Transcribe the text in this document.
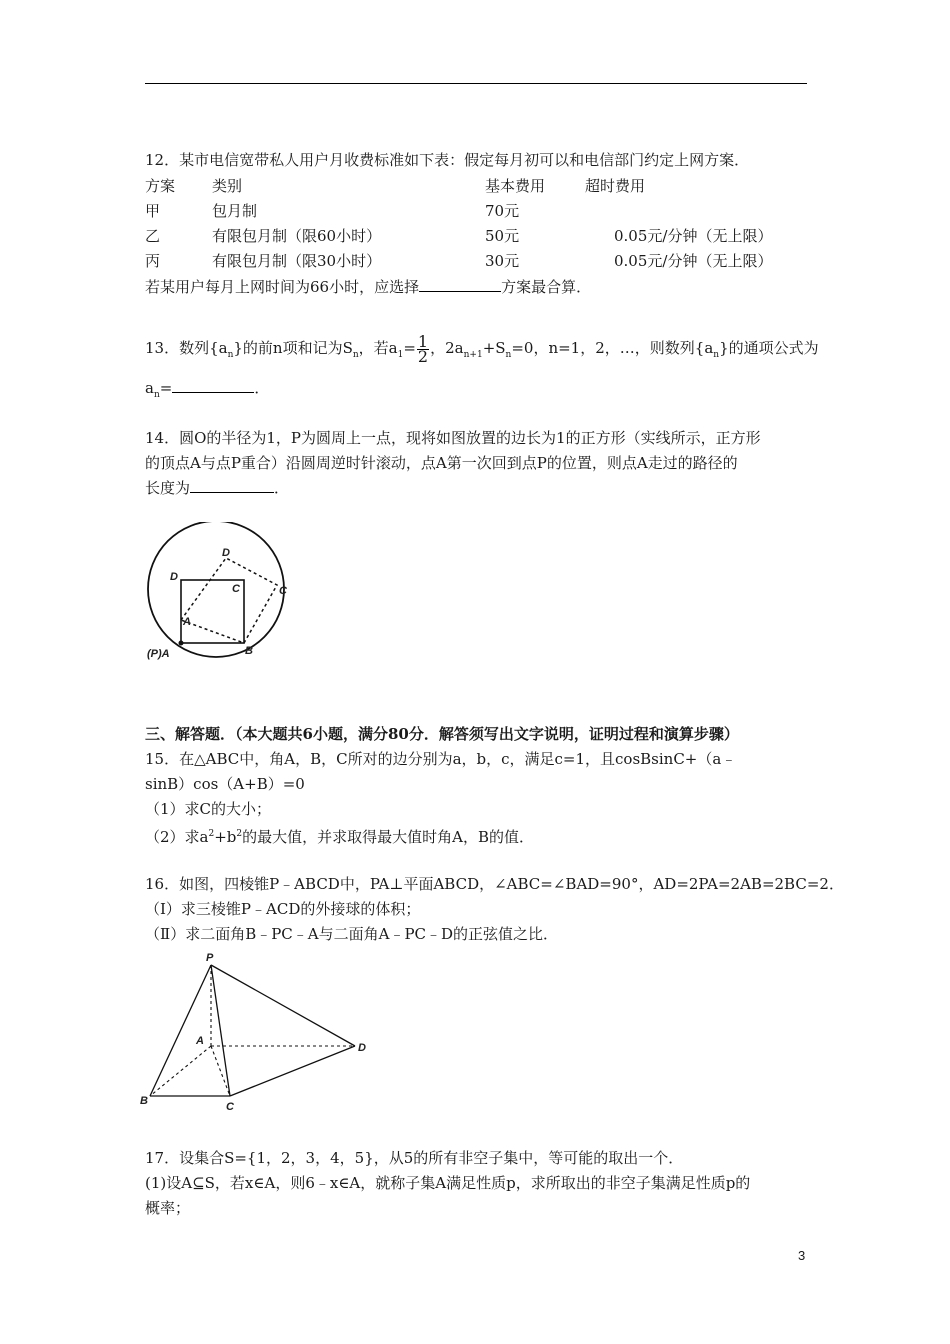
12．某市电信宽带私人用户月收费标准如下表：假定每月初可以和电信部门约定上网方案．
方案 类别	基本费用	超时费用
甲	包月制	70元
乙	有限包月制（限60小时）	50元	0.05元/分钟（无上限）
丙	有限包月制（限30小时）	30元	0.05元/分钟（无上限）
若某用户每月上网时间为66小时，应选择	方案最合算．
13．数列$\{a_n\}$的前n项和记为$S_n$，若$a_1= \frac{1}{2}$ ，$2a_{n+1}+S_n=0$，n=1，2，…，则数列$\{a_n\}$的通项公式为
$a_n=$	．
14．圆O的半径为1，P为圆周上一点，现将如图放置的边长为1的正方形（实线所示，正方形
的顶点A与点P重合）沿圆周逆时针滚动，点A第一次回到点P的位置，则点A走过的路径的
长度为	．
D
C
D
C
A
B
(P)A
三、解答题．（本大题共6小题，满分80分．解答须写出文字说明，证明过程和演算步骤）
15．在△ABC中，角A，B，C所对的边分别为a，b，c，满足c=1，且cosBsinC+（a﹣
sinB）cos（A+B）=0
（1）求C的大小；
（2）求$a^2+b^2$的最大值，并求取得最大值时角A，B的值．
16．如图，四棱锥P﹣ABCD中，PA⊥平面ABCD，∠ABC=∠BAD=90°，AD=2PA=2AB=2BC=2．
（Ⅰ）求三棱锥P﹣ACD的外接球的体积；
（Ⅱ）求二面角B﹣PC﹣A与二面角A﹣PC﹣D的正弦值之比．
P
A
B	C
D
17．设集合S={1，2，3，4，5}，从5的所有非空子集中，等可能的取出一个．
(1)设A⊆S，若x∈A，则6﹣x∈A，就称子集A满足性质p，求所取出的非空子集满足性质p的
概率；
3
